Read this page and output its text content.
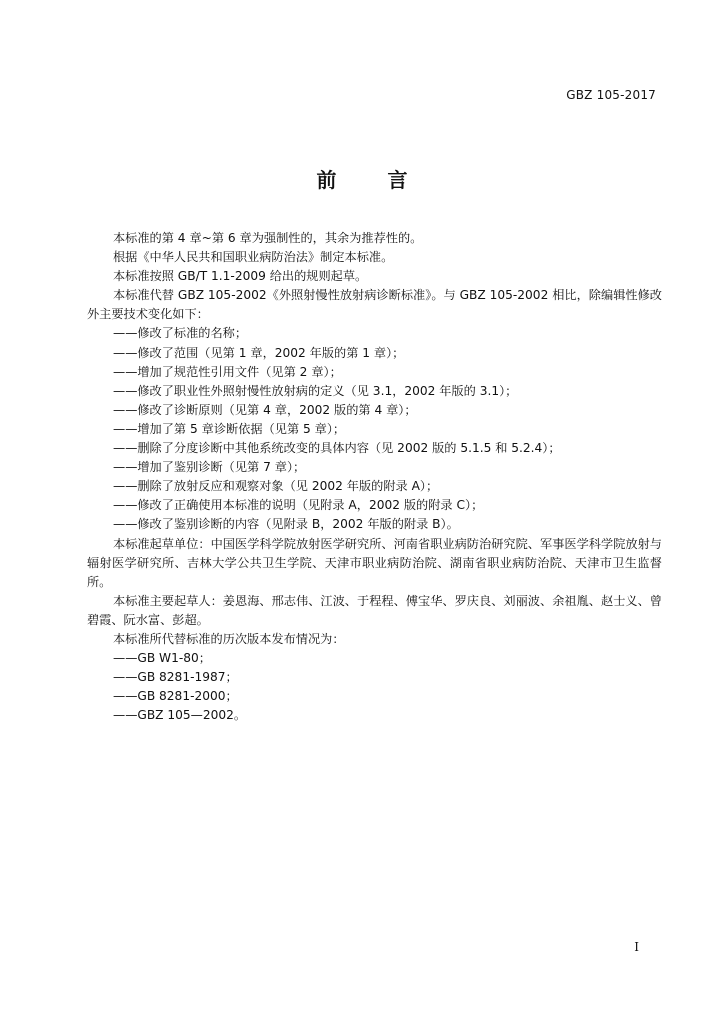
GBZ 105-2017
前 言
本标准的第 4 章~第 6 章为强制性的，其余为推荐性的。
根据《中华人民共和国职业病防治法》制定本标准。
本标准按照 GB/T 1.1-2009 给出的规则起草。
本标准代替 GBZ 105-2002《外照射慢性放射病诊断标准》。与 GBZ 105-2002 相比，除编辑性修改外主要技术变化如下：
——修改了标准的名称；
——修改了范围（见第 1 章，2002 年版的第 1 章）；
——增加了规范性引用文件（见第 2 章）；
——修改了职业性外照射慢性放射病的定义（见 3.1，2002 年版的 3.1）；
——修改了诊断原则（见第 4 章，2002 版的第 4 章）；
——增加了第 5 章诊断依据（见第 5 章）；
——删除了分度诊断中其他系统改变的具体内容（见 2002 版的 5.1.5 和 5.2.4）；
——增加了鉴别诊断（见第 7 章）；
——删除了放射反应和观察对象（见 2002 年版的附录 A）；
——修改了正确使用本标准的说明（见附录 A，2002 版的附录 C）；
——修改了鉴别诊断的内容（见附录 B，2002 年版的附录 B）。
本标准起草单位：中国医学科学院放射医学研究所、河南省职业病防治研究院、军事医学科学院放射与辐射医学研究所、吉林大学公共卫生学院、天津市职业病防治院、湖南省职业病防治院、天津市卫生监督所。
本标准主要起草人：姜恩海、邢志伟、江波、于程程、傅宝华、罗庆良、刘丽波、余祖胤、赵士义、曾碧霞、阮水富、彭超。
本标准所代替标准的历次版本发布情况为：
——GB W1-80；
——GB 8281-1987；
——GB 8281-2000；
——GBZ 105—2002。
I
